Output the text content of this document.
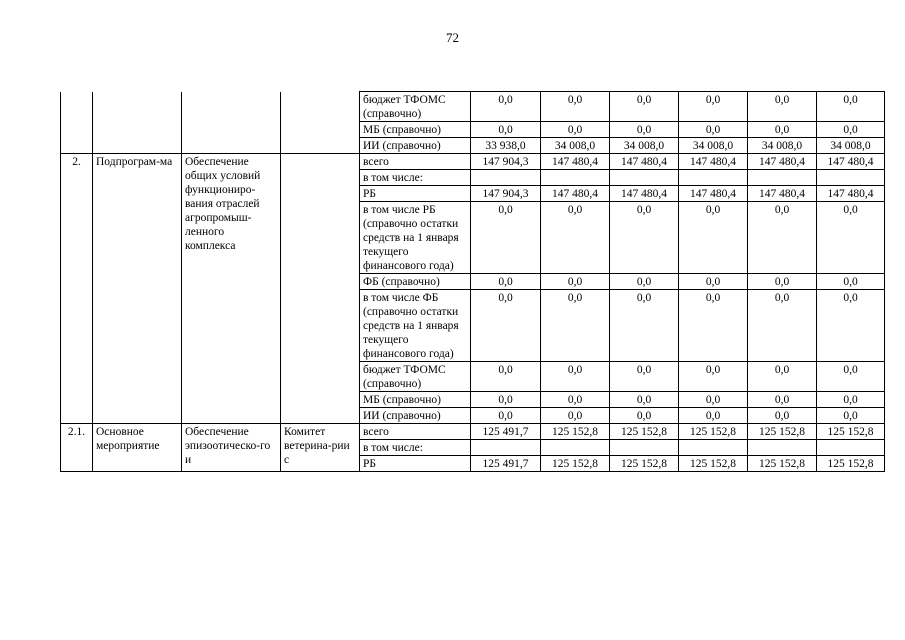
72
				бюджет ТФОМС (справочно)	0,0	0,0	0,0	0,0	0,0	0,0
				МБ (справочно)	0,0	0,0	0,0	0,0	0,0	0,0
				ИИ (справочно)	33 938,0	34 008,0	34 008,0	34 008,0	34 008,0	34 008,0
2.	Подпрограм-ма	Обеспечение общих условий функциониро-вания отраслей агропромыш-ленного комплекса		всего	147 904,3	147 480,4	147 480,4	147 480,4	147 480,4	147 480,4
				в том числе:						
				РБ	147 904,3	147 480,4	147 480,4	147 480,4	147 480,4	147 480,4
				в том числе РБ (справочно остатки средств на 1 января текущего финансового года)	0,0	0,0	0,0	0,0	0,0	0,0
				ФБ (справочно)	0,0	0,0	0,0	0,0	0,0	0,0
				в том числе ФБ (справочно остатки средств на 1 января текущего финансового года)	0,0	0,0	0,0	0,0	0,0	0,0
				бюджет ТФОМС (справочно)	0,0	0,0	0,0	0,0	0,0	0,0
				МБ (справочно)	0,0	0,0	0,0	0,0	0,0	0,0
				ИИ (справочно)	0,0	0,0	0,0	0,0	0,0	0,0
2.1.	Основное мероприятие	Обеспечение эпизоотическо-го и	Комитет ветерина-рии с	всего	125 491,7	125 152,8	125 152,8	125 152,8	125 152,8	125 152,8
				в том числе:						
				РБ	125 491,7	125 152,8	125 152,8	125 152,8	125 152,8	125 152,8
